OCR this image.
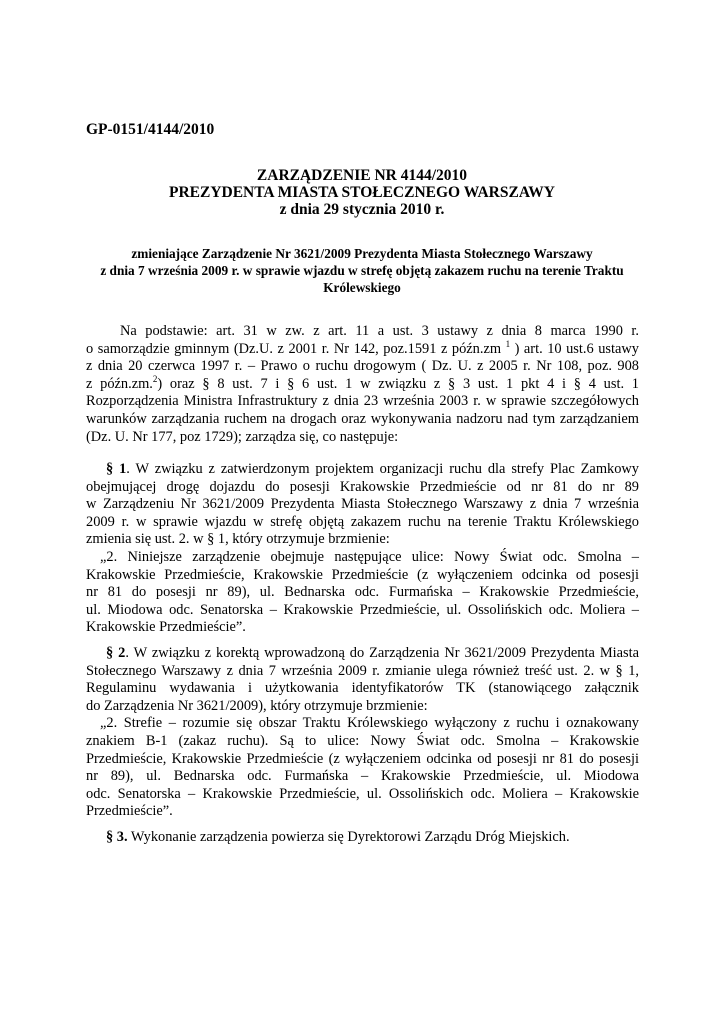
GP-0151/4144/2010
ZARZĄDZENIE NR 4144/2010
PREZYDENTA MIASTA STOŁECZNEGO WARSZAWY
z dnia 29 stycznia 2010 r.
zmieniające Zarządzenie Nr 3621/2009 Prezydenta Miasta Stołecznego Warszawy
z dnia 7 września 2009 r. w sprawie wjazdu w strefę objętą zakazem ruchu na terenie Traktu
Królewskiego
Na podstawie: art. 31 w zw. z art. 11 a ust. 3 ustawy z dnia 8 marca 1990 r.
o samorządzie gminnym (Dz.U. z 2001 r. Nr 142, poz.1591 z późn.zm $^1$ ) art. 10 ust.6 ustawy
z dnia 20 czerwca 1997 r. – Prawo o ruchu drogowym ( Dz. U. z 2005 r. Nr 108, poz. 908
z późn.zm.$^2$) oraz § 8 ust. 7 i § 6 ust. 1 w związku z § 3 ust. 1 pkt 4 i § 4 ust. 1
Rozporządzenia Ministra Infrastruktury z dnia 23 września 2003 r. w sprawie szczegółowych
warunków zarządzania ruchem na drogach oraz wykonywania nadzoru nad tym zarządzaniem
(Dz. U. Nr 177, poz 1729); zarządza się, co następuje:
§ 1. W związku z zatwierdzonym projektem organizacji ruchu dla strefy Plac Zamkowy
obejmującej drogę dojazdu do posesji Krakowskie Przedmieście od nr 81 do nr 89
w Zarządzeniu Nr 3621/2009 Prezydenta Miasta Stołecznego Warszawy z dnia 7 września
2009 r. w sprawie wjazdu w strefę objętą zakazem ruchu na terenie Traktu Królewskiego
zmienia się ust. 2. w § 1, który otrzymuje brzmienie:
„2. Niniejsze zarządzenie obejmuje następujące ulice: Nowy Świat odc. Smolna –
Krakowskie Przedmieście, Krakowskie Przedmieście (z wyłączeniem odcinka od posesji
nr 81 do posesji nr 89), ul. Bednarska odc. Furmańska – Krakowskie Przedmieście,
ul. Miodowa odc. Senatorska – Krakowskie Przedmieście, ul. Ossolińskich odc. Moliera –
Krakowskie Przedmieście”.
§ 2. W związku z korektą wprowadzoną do Zarządzenia Nr 3621/2009 Prezydenta Miasta
Stołecznego Warszawy z dnia 7 września 2009 r. zmianie ulega również treść ust. 2. w § 1,
Regulaminu wydawania i użytkowania identyfikatorów TK (stanowiącego załącznik
do Zarządzenia Nr 3621/2009), który otrzymuje brzmienie:
„2. Strefie – rozumie się obszar Traktu Królewskiego wyłączony z ruchu i oznakowany
znakiem B-1 (zakaz ruchu). Są to ulice: Nowy Świat odc. Smolna – Krakowskie
Przedmieście, Krakowskie Przedmieście (z wyłączeniem odcinka od posesji nr 81 do posesji
nr 89), ul. Bednarska odc. Furmańska – Krakowskie Przedmieście, ul. Miodowa
odc. Senatorska – Krakowskie Przedmieście, ul. Ossolińskich odc. Moliera – Krakowskie
Przedmieście”.
§ 3. Wykonanie zarządzenia powierza się Dyrektorowi Zarządu Dróg Miejskich.
